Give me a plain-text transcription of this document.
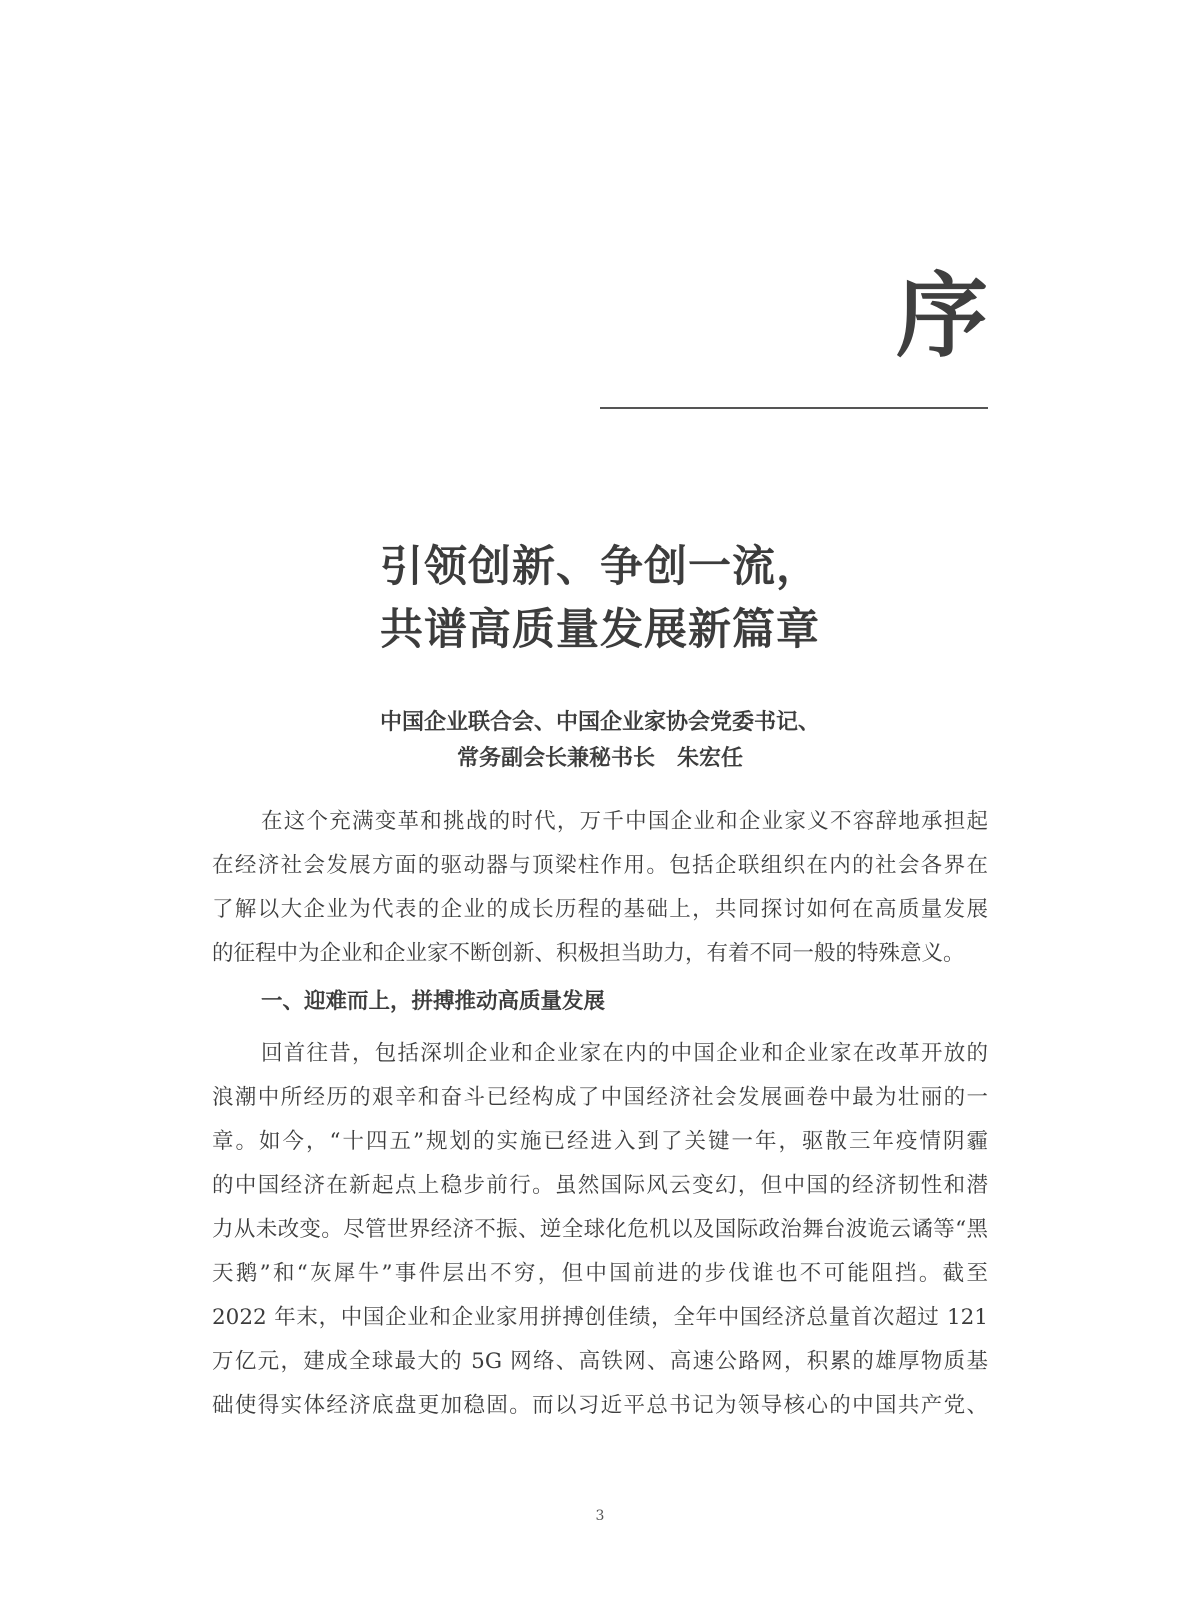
序
引领创新、争创一流，
共谱高质量发展新篇章
中国企业联合会、中国企业家协会党委书记、
常务副会长兼秘书长　朱宏任
在这个充满变革和挑战的时代，万千中国企业和企业家义不容辞地承担起
在经济社会发展方面的驱动器与顶梁柱作用。包括企联组织在内的社会各界在
了解以大企业为代表的企业的成长历程的基础上，共同探讨如何在高质量发展
的征程中为企业和企业家不断创新、积极担当助力，有着不同一般的特殊意义。
一、迎难而上，拼搏推动高质量发展
回首往昔，包括深圳企业和企业家在内的中国企业和企业家在改革开放的
浪潮中所经历的艰辛和奋斗已经构成了中国经济社会发展画卷中最为壮丽的一
章。如今，“十四五”规划的实施已经进入到了关键一年，驱散三年疫情阴霾
的中国经济在新起点上稳步前行。虽然国际风云变幻，但中国的经济韧性和潜
力从未改变。尽管世界经济不振、逆全球化危机以及国际政治舞台波诡云谲等“黑
天鹅”和“灰犀牛”事件层出不穷，但中国前进的步伐谁也不可能阻挡。截至
2022 年末，中国企业和企业家用拼搏创佳绩，全年中国经济总量首次超过 121
万亿元，建成全球最大的 5G 网络、高铁网、高速公路网，积累的雄厚物质基
础使得实体经济底盘更加稳固。而以习近平总书记为领导核心的中国共产党、
3
